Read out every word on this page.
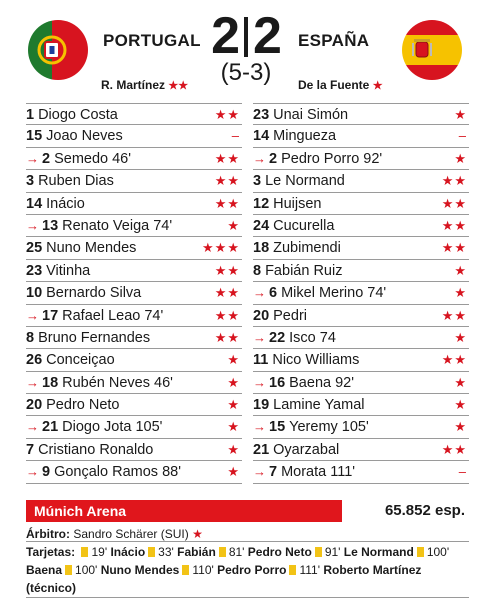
PORTUGAL 2 2
(5-3)
ESPAÑA
R. Martínez ★★	De la Fuente ★
1 Diogo Costa	★★
15 Joao Neves	–
→ 2 Semedo 46'	★★
3 Ruben Dias	★★
14 Inácio	★★
→ 13 Renato Veiga 74'	★
25 Nuno Mendes	★★★
23 Vitinha	★★
10 Bernardo Silva	★★
→ 17 Rafael Leao 74'	★★
8 Bruno Fernandes	★★
26 Conceiçao	★
→ 18 Rubén Neves 46'	★
20 Pedro Neto	★
→ 21 Diogo Jota 105'	★
7 Cristiano Ronaldo	★
→ 9 Gonçalo Ramos 88'	★
23 Unai Simón	★
14 Mingueza	–
→ 2 Pedro Porro 92'	★
3 Le Normand	★★
12 Huijsen	★★
24 Cucurella	★★
18 Zubimendi	★★
8 Fabián Ruiz	★
→ 6 Mikel Merino 74'	★
20 Pedri	★★
→ 22 Isco 74	★
11 Nico Williams	★★
→ 16 Baena 92'	★
19 Lamine Yamal	★
→ 15 Yeremy 105'	★
21 Oyarzabal	★★
→ 7 Morata 111'	–
Múnich Arena	65.852 esp.
Árbitro: Sandro Schärer (SUI) ★
Tarjetas: 19' Inácio 33' Fabián 81' Pedro Neto 91' Le Normand 100' Baena 100' Nuno Mendes 110' Pedro Porro 111' Roberto Martínez (técnico)
